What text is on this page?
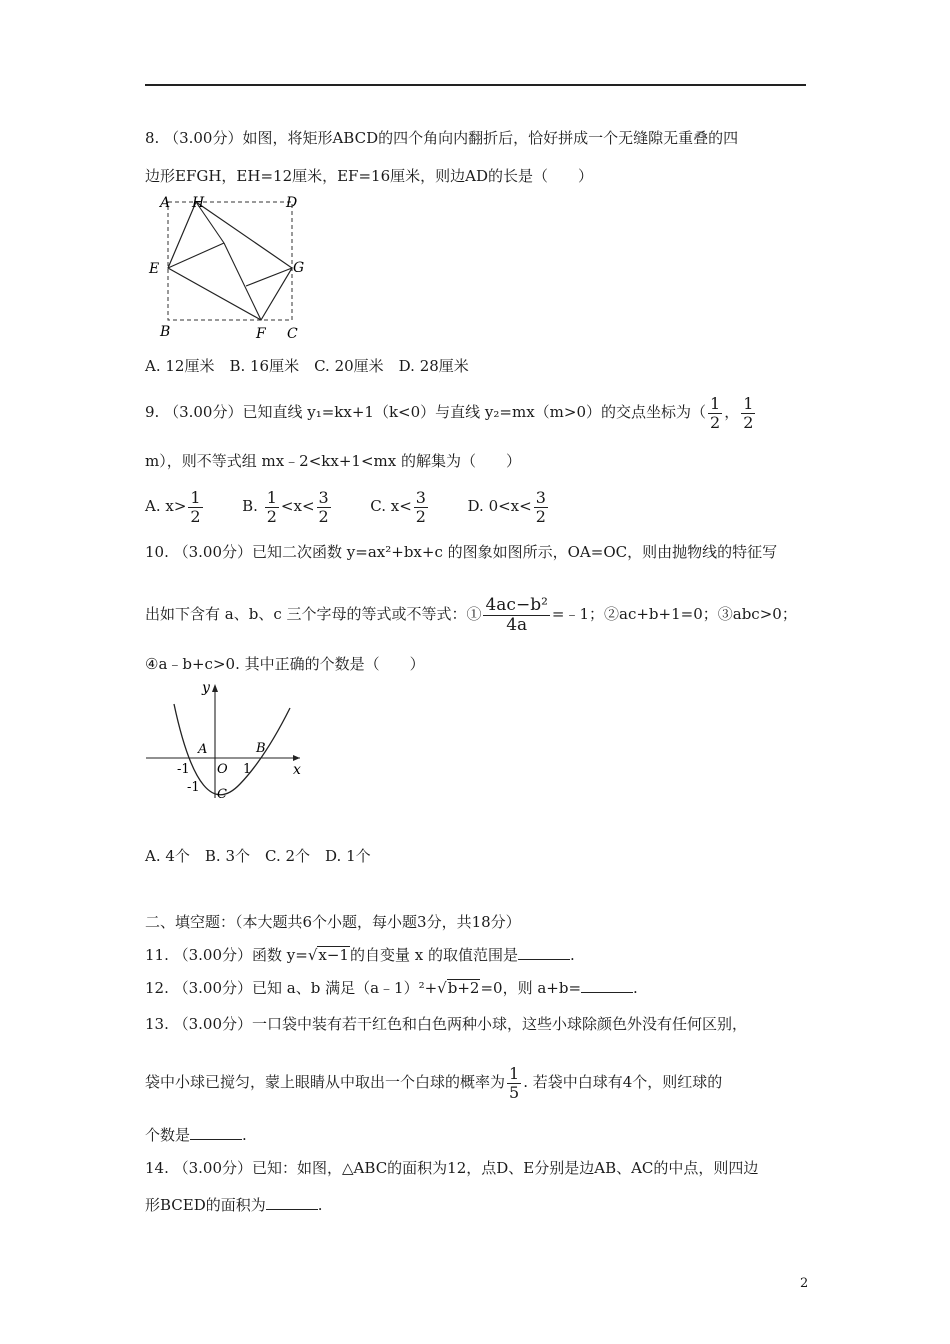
8. （3.00分）如图，将矩形ABCD的四个角向内翻折后，恰好拼成一个无缝隙无重叠的四
边形EFGH，EH=12厘米，EF=16厘米，则边AD的长是（　　）
A H	D
E	G
B	F C
A. 12厘米　B. 16厘米　C. 20厘米　D. 28厘米
9. （3.00分）已知直线 y₁=kx+1（k<0）与直线 y₂=mx（m>0）的交点坐标为（ $\frac{1}{2}$ ， $\frac{1}{2}$
m），则不等式组 mx﹣2<kx+1<mx 的解集为（　　）
A. $x> \frac{1}{2}$	B. $\frac{1}{2} <x< \frac{3}{2}$	C. $x< \frac{3}{2}$	D. $0<x< \frac{3}{2}$
10. （3.00分）已知二次函数 y=ax²+bx+c 的图象如图所示，OA=OC，则由抛物线的特征写
出如下含有 a、b、c 三个字母的等式或不等式：① $\frac{\text{4ac−b²}}{4a}$ =﹣1；②ac+b+1=0；③abc>0；
④a﹣b+c>0. 其中正确的个数是（　　）
y
x
A	B
O
C
-1	1
-1
A. 4个　B. 3个　C. 2个　D. 1个
二、填空题：（本大题共6个小题，每小题3分，共18分）
11. （3.00分）函数 y=√x−1的自变量 x 的取值范围是	.
12. （3.00分）已知 a、b 满足（a﹣1）²+√b+2=0，则 a+b=	.
13. （3.00分）一口袋中装有若干红色和白色两种小球，这些小球除颜色外没有任何区别，
袋中小球已搅匀，蒙上眼睛从中取出一个白球的概率为 $\frac{1}{5}$ . 若袋中白球有4个，则红球的
个数是	.
14. （3.00分）已知：如图，△ABC的面积为12，点D、E分别是边AB、AC的中点，则四边
形BCED的面积为	.
2
